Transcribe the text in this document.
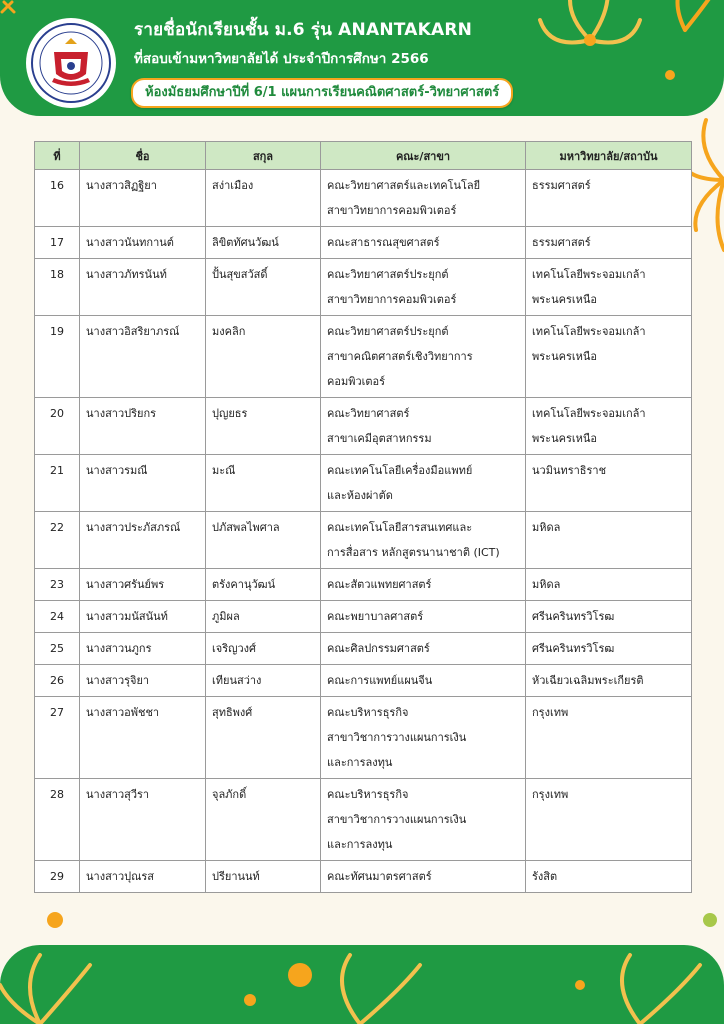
รายชื่อนักเรียนชั้น ม.6 รุ่น ANANTAKARN
ที่สอบเข้ามหาวิทยาลัยได้ ประจำปีการศึกษา 2566
ห้องมัธยมศึกษาปีที่ 6/1 แผนการเรียนคณิตศาสตร์-วิทยาศาสตร์
ที่	ชื่อ	สกุล	คณะ/สาขา	มหาวิทยาลัย/สถาบัน
16	นางสาวสิฏฐิยา	สง่าเมือง	คณะวิทยาศาสตร์และเทคโนโลยี
สาขาวิทยาการคอมพิวเตอร์	ธรรมศาสตร์

17	นางสาวนันทกานต์	ลิขิตทัศนวัฒน์	คณะสาธารณสุขศาสตร์	ธรรมศาสตร์

18	นางสาวภัทรนันท์	ปั้นสุขสวัสดิ์	คณะวิทยาศาสตร์ประยุกต์
สาขาวิทยาการคอมพิวเตอร์	เทคโนโลยีพระจอมเกล้า
พระนครเหนือ

19	นางสาวอิสริยาภรณ์	มงคลิก	คณะวิทยาศาสตร์ประยุกต์
สาขาคณิตศาสตร์เชิงวิทยาการ
คอมพิวเตอร์	เทคโนโลยีพระจอมเกล้า
พระนครเหนือ

20	นางสาวปริยกร	ปุญยธร	คณะวิทยาศาสตร์
สาขาเคมีอุตสาหกรรม	เทคโนโลยีพระจอมเกล้า
พระนครเหนือ

21	นางสาวรมณี	มะณี	คณะเทคโนโลยีเครื่องมือแพทย์
และห้องผ่าตัด	นวมินทราธิราช

22	นางสาวประภัสภรณ์	ปภัสพลไพศาล	คณะเทคโนโลยีสารสนเทศและ
การสื่อสาร หลักสูตรนานาชาติ (ICT)	มหิดล

23	นางสาวศรันย์พร	ตรังคานุวัฒน์	คณะสัตวแพทยศาสตร์	มหิดล

24	นางสาวมนัสนันท์	ภูมิผล	คณะพยาบาลศาสตร์	ศรีนครินทรวิโรฒ

25	นางสาวนภูกร	เจริญวงศ์	คณะศิลปกรรมศาสตร์	ศรีนครินทรวิโรฒ

26	นางสาวรุจิยา	เทียนสว่าง	คณะการแพทย์แผนจีน	หัวเฉียวเฉลิมพระเกียรติ

27	นางสาวอพัชชา	สุทธิพงศ์	คณะบริหารธุรกิจ
สาขาวิชาการวางแผนการเงิน
และการลงทุน	กรุงเทพ

28	นางสาวสุวีรา	จุลภักดิ์	คณะบริหารธุรกิจ
สาขาวิชาการวางแผนการเงิน
และการลงทุน	กรุงเทพ

29	นางสาวปุณรส	ปรียานนท์	คณะทัศนมาตรศาสตร์	รังสิต
